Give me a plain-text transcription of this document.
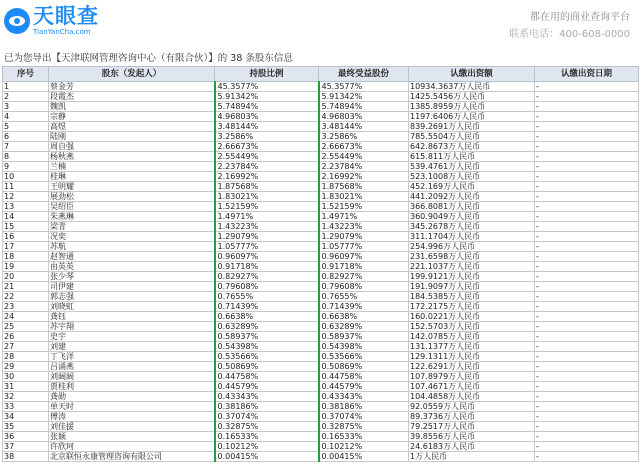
天眼查
TianYanCha.com
都在用的商业查询平台
联系电话：400-608-0000
已为您导出【天津联网管理咨询中心（有限合伙）】的 38 条股东信息
序号	股东（发起人）	持股比例	最终受益股份	认缴出资额	认缴出资日期
1	蔡金芳	45.3577%	45.3577%	10934.3637万人民币	-
2	段霞杰	5.91342%	5.91342%	1425.5456万人民币	-
3	魏凯	5.74894%	5.74894%	1385.8959万人民币	-
4	宗静	4.96803%	4.96803%	1197.6406万人民币	-
5	高煜	3.48144%	3.48144%	839.2691万人民币	-
6	陆刚	3.2586%	3.2586%	785.5504万人民币	-
7	周自强	2.66673%	2.66673%	642.8673万人民币	-
8	杨秋燕	2.55449%	2.55449%	615.811万人民币	-
9	兰楠	2.23784%	2.23784%	539.4761万人民币	-
10	桂琳	2.16992%	2.16992%	523.1008万人民币	-
11	王明耀	1.87568%	1.87568%	452.169万人民币	-
12	展劲松	1.83021%	1.83021%	441.2092万人民币	-
13	吴绍臣	1.52159%	1.52159%	366.8081万人民币	-
14	朱燕琳	1.4971%	1.4971%	360.9049万人民币	-
15	梁青	1.43223%	1.43223%	345.2678万人民币	-
16	况奕	1.29079%	1.29079%	311.1704万人民币	-
17	苏航	1.05777%	1.05777%	254.996万人民币	-
18	赵智通	0.96097%	0.96097%	231.6598万人民币	-
19	由英英	0.91718%	0.91718%	221.1037万人民币	-
20	张少琴	0.82927%	0.82927%	199.9121万人民币	-
21	司伊建	0.79608%	0.79608%	191.9097万人民币	-
22	郭志强	0.7655%	0.7655%	184.5385万人民币	-
23	刘晓虹	0.71439%	0.71439%	172.2175万人民币	-
24	龚钰	0.6638%	0.6638%	160.0221万人民币	-
25	苏宇翔	0.63289%	0.63289%	152.5703万人民币	-
26	史宇	0.58937%	0.58937%	142.0785万人民币	-
27	刘建	0.54398%	0.54398%	131.1377万人民币	-
28	丁飞洋	0.53566%	0.53566%	129.1311万人民币	-
29	吕涌燕	0.50869%	0.50869%	122.6291万人民币	-
30	刘阔阔	0.44758%	0.44758%	107.8979万人民币	-
31	贾桂利	0.44579%	0.44579%	107.4671万人民币	-
32	龚勋	0.43343%	0.43343%	104.4858万人民币	-
33	单天时	0.38186%	0.38186%	92.0559万人民币	-
34	傅涛	0.37074%	0.37074%	89.3736万人民币	-
35	刘佳援	0.32875%	0.32875%	79.2517万人民币	-
36	张颖	0.16533%	0.16533%	39.8556万人民币	-
37	许欣珂	0.10212%	0.10212%	24.6183万人民币	-
38	北京联恒永康管理咨询有限公司	0.00415%	0.00415%	1万人民币	-
